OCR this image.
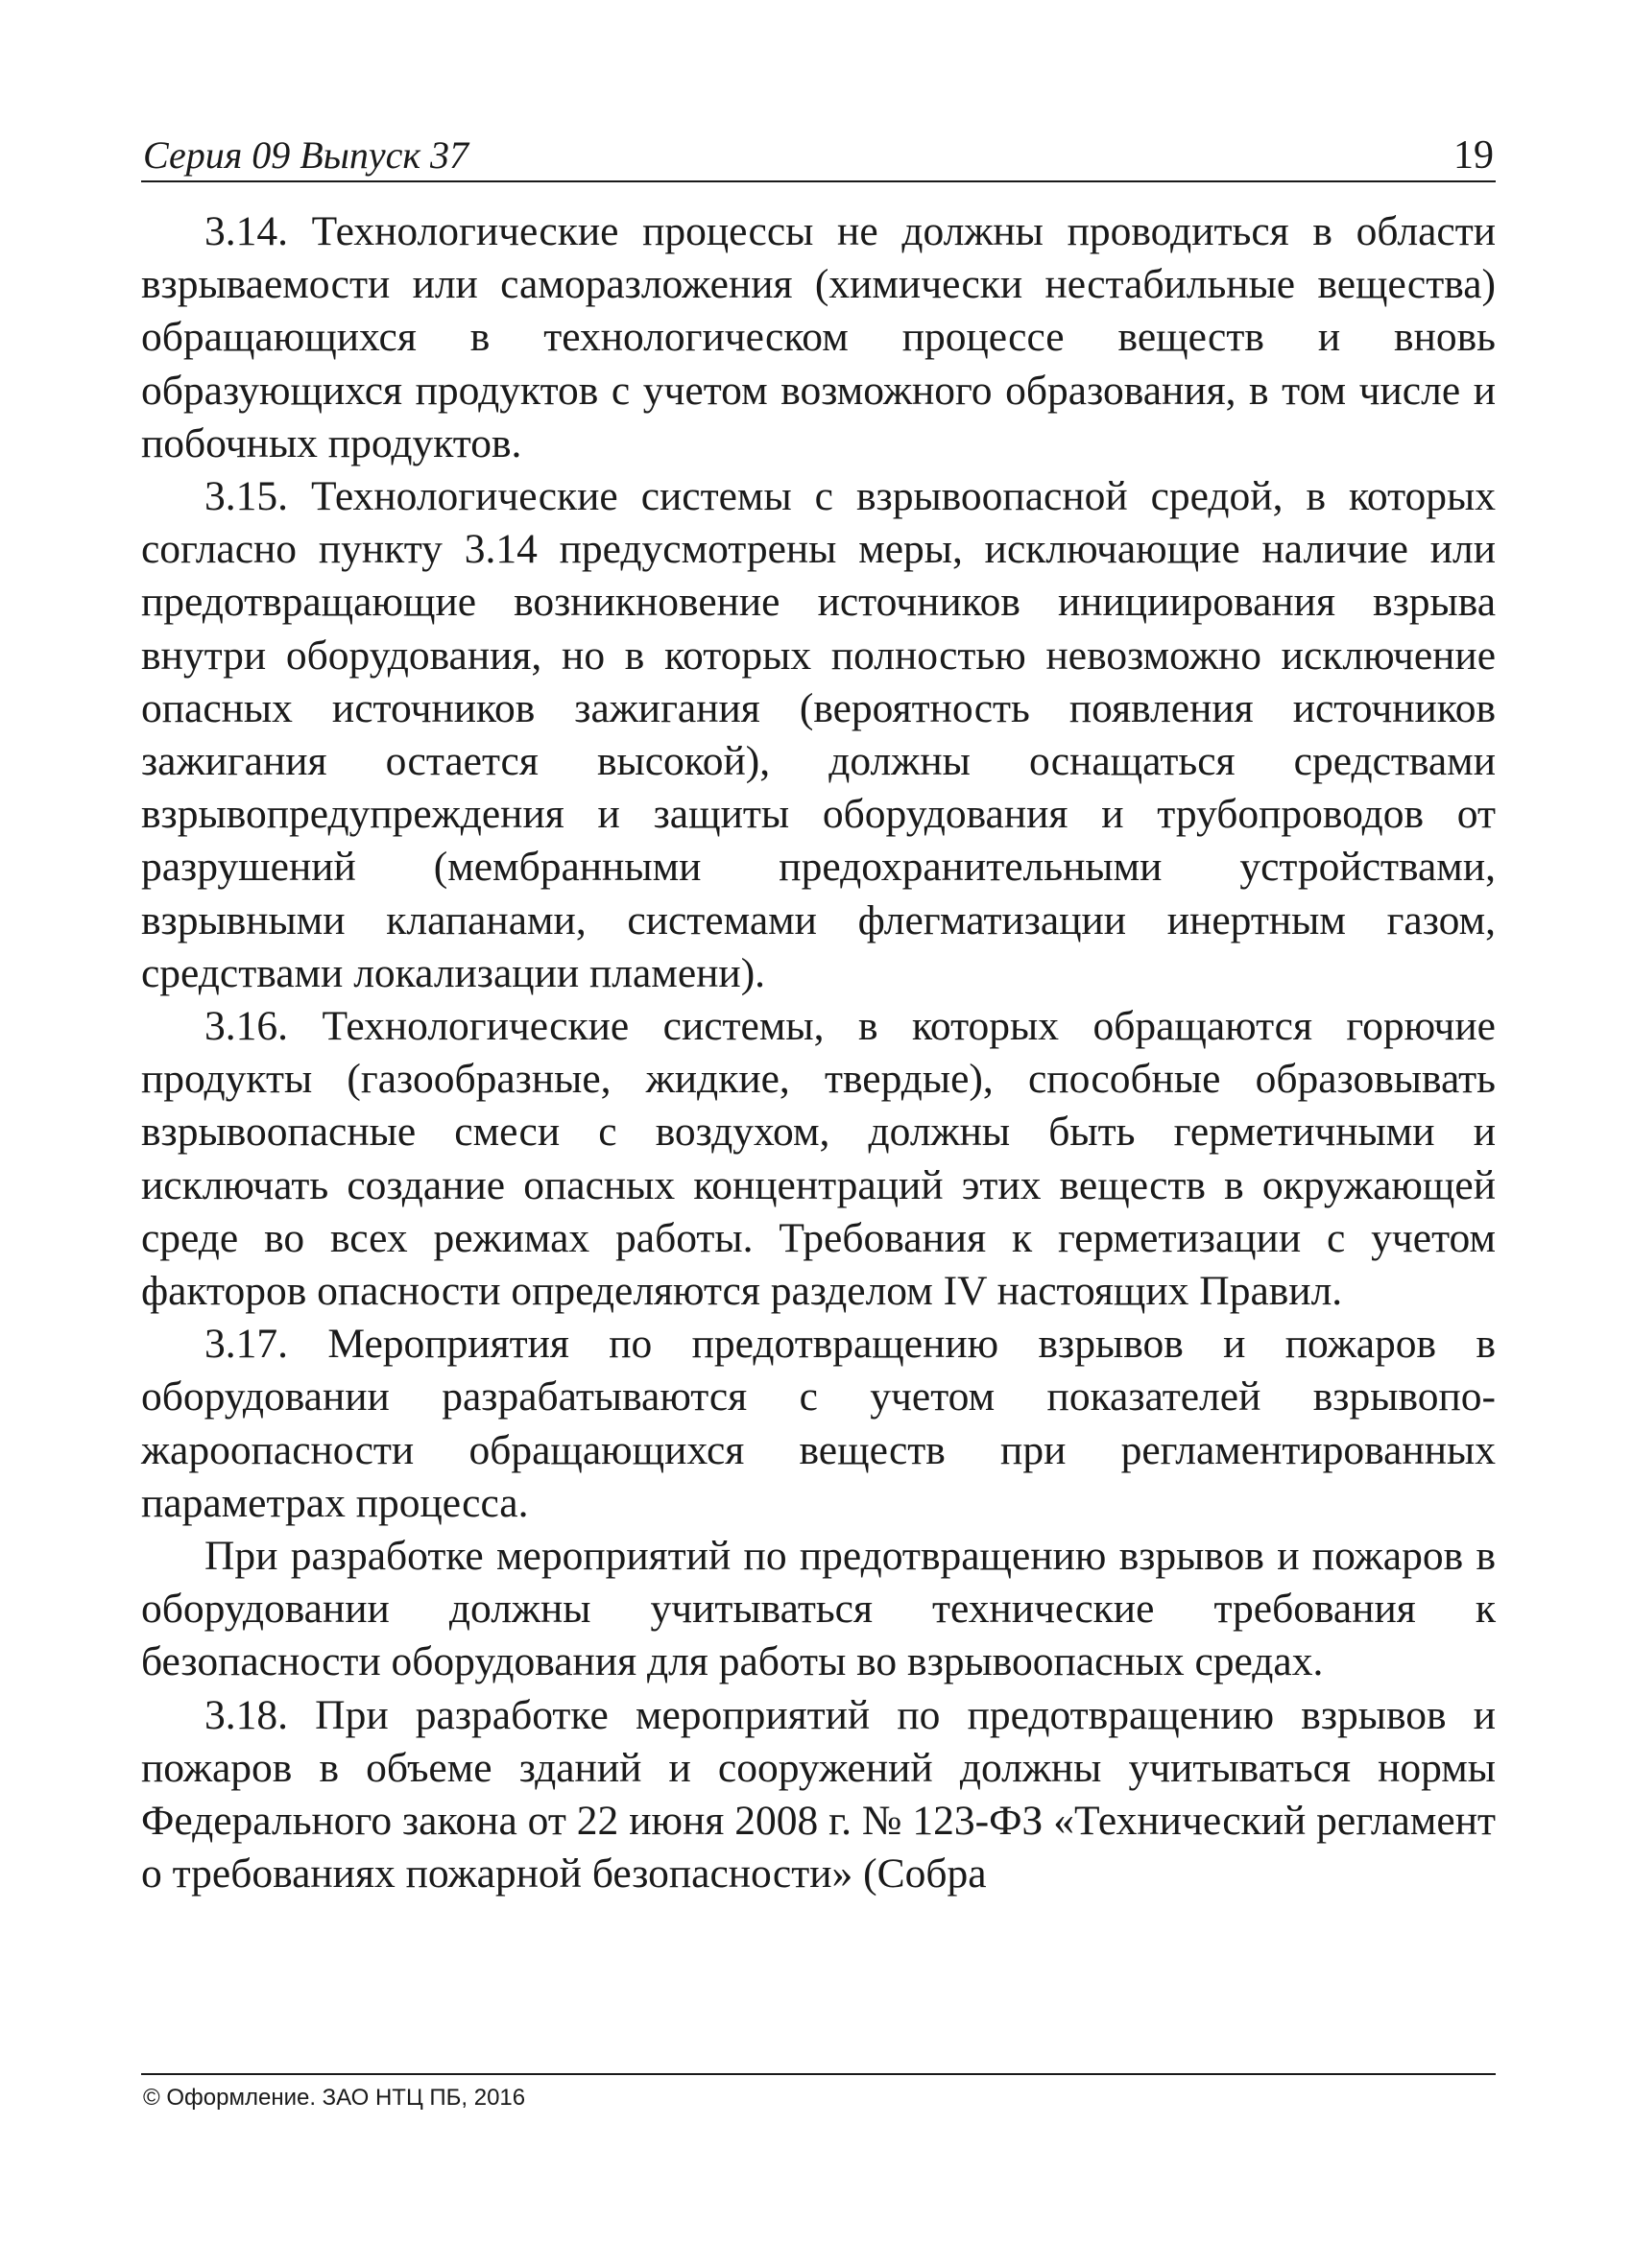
Серия 09 Выпуск 37	19

3.14. Технологические процессы не должны проводиться в области взрываемости или саморазложения (химически нестабильные вещества) обращающихся в технологическом процессе веществ и вновь образующихся продуктов с учетом возможного образования, в том числе и побочных продуктов.

3.15. Технологические системы с взрывоопасной средой, в которых согласно пункту 3.14 предусмотрены меры, исключающие наличие или предотвращающие возникновение источников инициирования взрыва внутри оборудования, но в которых полностью невозможно исключение опасных источников зажигания (вероятность появления источников зажигания остается высокой), должны оснащаться средствами взрывопредупреждения и защиты оборудования и трубопроводов от разрушений (мембранными предохранительными устройствами, взрывными клапанами, системами флегматизации инертным газом, средствами локализации пламени).

3.16. Технологические системы, в которых обращаются горючие продукты (газообразные, жидкие, твердые), способные образовывать взрывоопасные смеси с воздухом, должны быть герметичными и исключать создание опасных концентраций этих веществ в окружающей среде во всех режимах работы. Требования к герметизации с учетом факторов опасности определяются разделом IV настоящих Правил.

3.17. Мероприятия по предотвращению взрывов и пожаров в оборудовании разрабатываются с учетом показателей взрывопожароопасности обращающихся веществ при регламентированных параметрах процесса.

При разработке мероприятий по предотвращению взрывов и пожаров в оборудовании должны учитываться технические требования к безопасности оборудования для работы во взрывоопасных средах.

3.18. При разработке мероприятий по предотвращению взрывов и пожаров в объеме зданий и сооружений должны учитываться нормы Федерального закона от 22 июня 2008 г. № 123-ФЗ «Технический регламент о требованиях пожарной безопасности» (Собра

© Оформление. ЗАО НТЦ ПБ, 2016
